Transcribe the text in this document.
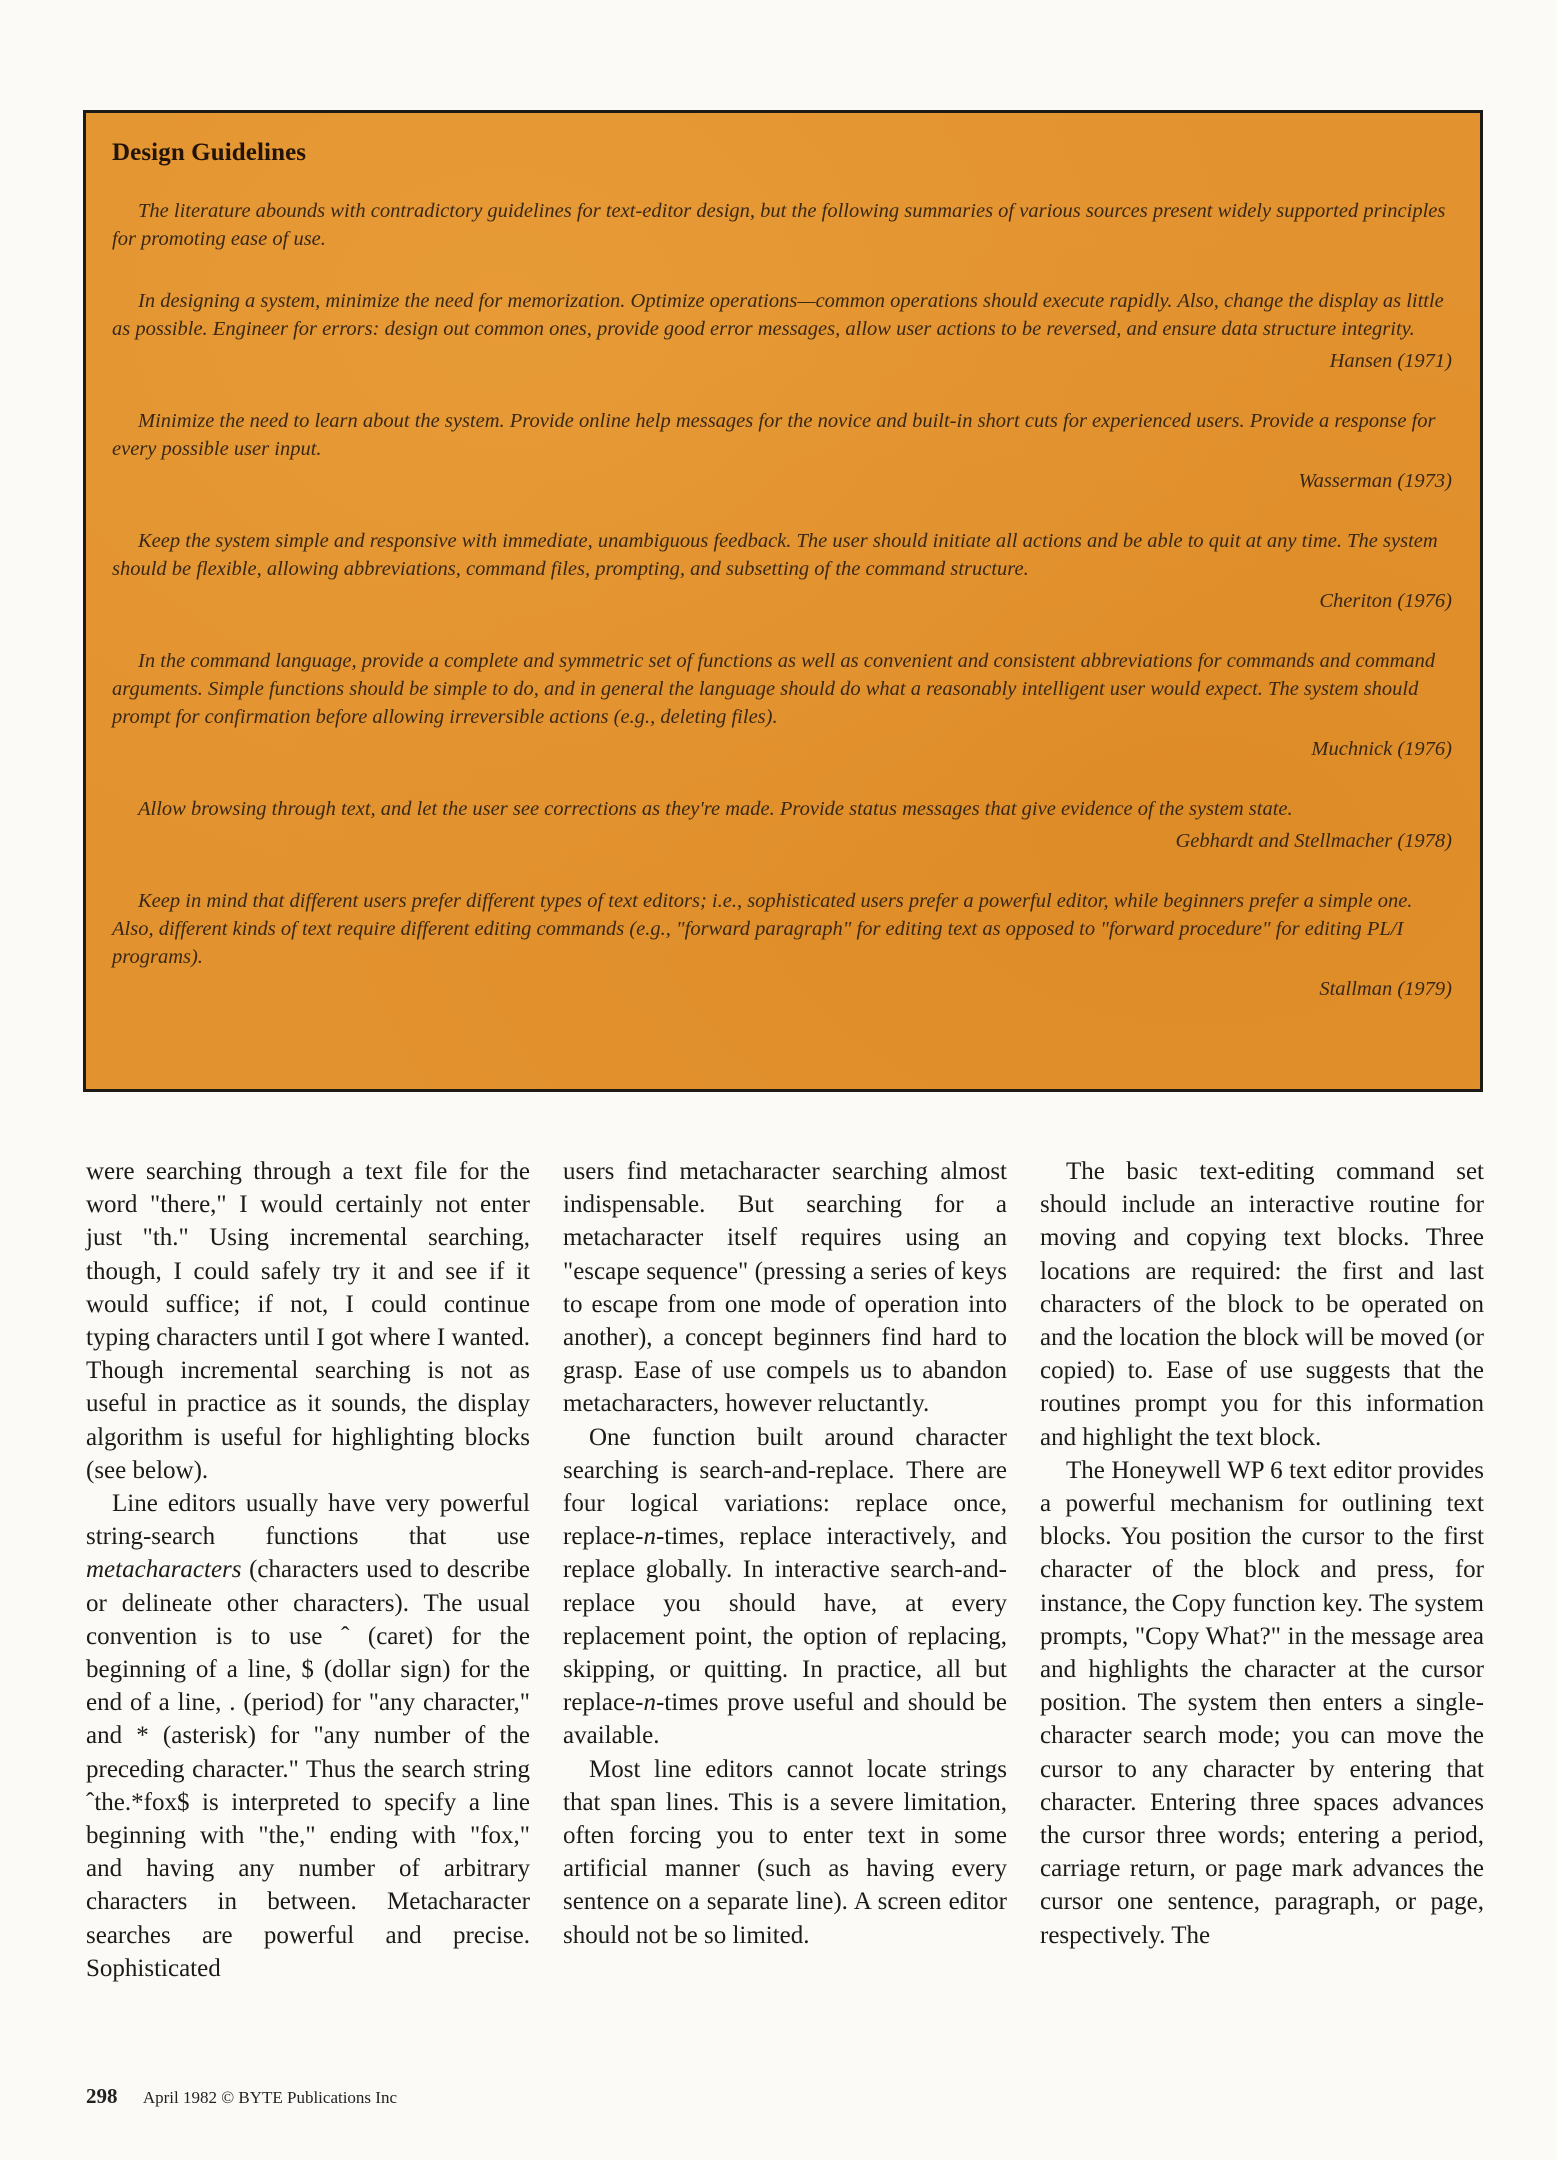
Design Guidelines

The literature abounds with contradictory guidelines for text-editor design, but the following summaries of various sources present widely supported principles for promoting ease of use.

In designing a system, minimize the need for memorization. Optimize operations—common operations should execute rapidly. Also, change the display as little as possible. Engineer for errors: design out common ones, provide good error messages, allow user actions to be reversed, and ensure data structure integrity.

Hansen (1971)

Minimize the need to learn about the system. Provide online help messages for the novice and built-in short cuts for experienced users. Provide a response for every possible user input.

Wasserman (1973)

Keep the system simple and responsive with immediate, unambiguous feedback. The user should initiate all actions and be able to quit at any time. The system should be flexible, allowing abbreviations, command files, prompting, and subsetting of the command structure.

Cheriton (1976)

In the command language, provide a complete and symmetric set of functions as well as convenient and consistent abbreviations for commands and command arguments. Simple functions should be simple to do, and in general the language should do what a reasonably intelligent user would expect. The system should prompt for confirmation before allowing irreversible actions (e.g., deleting files).

Muchnick (1976)

Allow browsing through text, and let the user see corrections as they're made. Provide status messages that give evidence of the system state.

Gebhardt and Stellmacher (1978)

Keep in mind that different users prefer different types of text editors; i.e., sophisticated users prefer a powerful editor, while beginners prefer a simple one. Also, different kinds of text require different editing commands (e.g., "forward paragraph" for editing text as opposed to "forward procedure" for editing PL/I programs).

Stallman (1979)

were searching through a text file for the word "there," I would certainly not enter just "th." Using incremental searching, though, I could safely try it and see if it would suffice; if not, I could continue typing characters until I got where I wanted. Though incremental searching is not as useful in practice as it sounds, the display algorithm is useful for highlighting blocks (see below).

Line editors usually have very powerful string-search functions that use metacharacters (characters used to describe or delineate other characters). The usual convention is to use ˆ (caret) for the beginning of a line, $ (dollar sign) for the end of a line, . (period) for "any character," and * (asterisk) for "any number of the preceding character." Thus the search string ˆthe.*fox$ is interpreted to specify a line beginning with "the," ending with "fox," and having any number of arbitrary characters in between. Metacharacter searches are powerful and precise. Sophisticated

users find metacharacter searching almost indispensable. But searching for a metacharacter itself requires using an "escape sequence" (pressing a series of keys to escape from one mode of operation into another), a concept beginners find hard to grasp. Ease of use compels us to abandon metacharacters, however reluctantly.

One function built around character searching is search-and-replace. There are four logical variations: replace once, replace-n-times, replace interactively, and replace globally. In interactive search-and-replace you should have, at every replacement point, the option of replacing, skipping, or quitting. In practice, all but replace-n-times prove useful and should be available.

Most line editors cannot locate strings that span lines. This is a severe limitation, often forcing you to enter text in some artificial manner (such as having every sentence on a separate line). A screen editor should not be so limited.

The basic text-editing command set should include an interactive routine for moving and copying text blocks. Three locations are required: the first and last characters of the block to be operated on and the location the block will be moved (or copied) to. Ease of use suggests that the routines prompt you for this information and highlight the text block.

The Honeywell WP 6 text editor provides a powerful mechanism for outlining text blocks. You position the cursor to the first character of the block and press, for instance, the Copy function key. The system prompts, "Copy What?" in the message area and highlights the character at the cursor position. The system then enters a single-character search mode; you can move the cursor to any character by entering that character. Entering three spaces advances the cursor three words; entering a period, carriage return, or page mark advances the cursor one sentence, paragraph, or page, respectively. The

298 April 1982 © BYTE Publications Inc
